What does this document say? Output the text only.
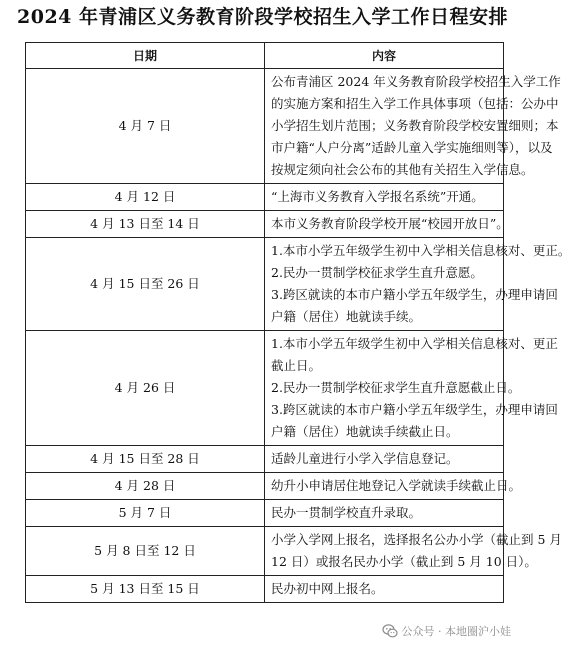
2024 年青浦区义务教育阶段学校招生入学工作日程安排
日期	内容
4 月 7 日	公布青浦区 2024 年义务教育阶段学校招生入学工作
的实施方案和招生入学工作具体事项（包括：公办中
小学招生划片范围；义务教育阶段学校安置细则；本
市户籍“人户分离”适龄儿童入学实施细则等），以及
按规定须向社会公布的其他有关招生入学信息。

4 月 12 日	“上海市义务教育入学报名系统”开通。

4 月 13 日至 14 日	本市义务教育阶段学校开展“校园开放日”。

4 月 15 日至 26 日	1.本市小学五年级学生初中入学相关信息核对、更正。
2.民办一贯制学校征求学生直升意愿。
3.跨区就读的本市户籍小学五年级学生，办理申请回
户籍（居住）地就读手续。

4 月 26 日	1.本市小学五年级学生初中入学相关信息核对、更正
截止日。
2.民办一贯制学校征求学生直升意愿截止日。
3.跨区就读的本市户籍小学五年级学生，办理申请回
户籍（居住）地就读手续截止日。

4 月 15 日至 28 日	适龄儿童进行小学入学信息登记。

4 月 28 日	幼升小申请居住地登记入学就读手续截止日。

5 月 7 日	民办一贯制学校直升录取。

5 月 8 日至 12 日	小学入学网上报名，选择报名公办小学（截止到 5 月
12 日）或报名民办小学（截止到 5 月 10 日）。

5 月 13 日至 15 日	民办初中网上报名。
公众号 · 本地圈沪小娃
